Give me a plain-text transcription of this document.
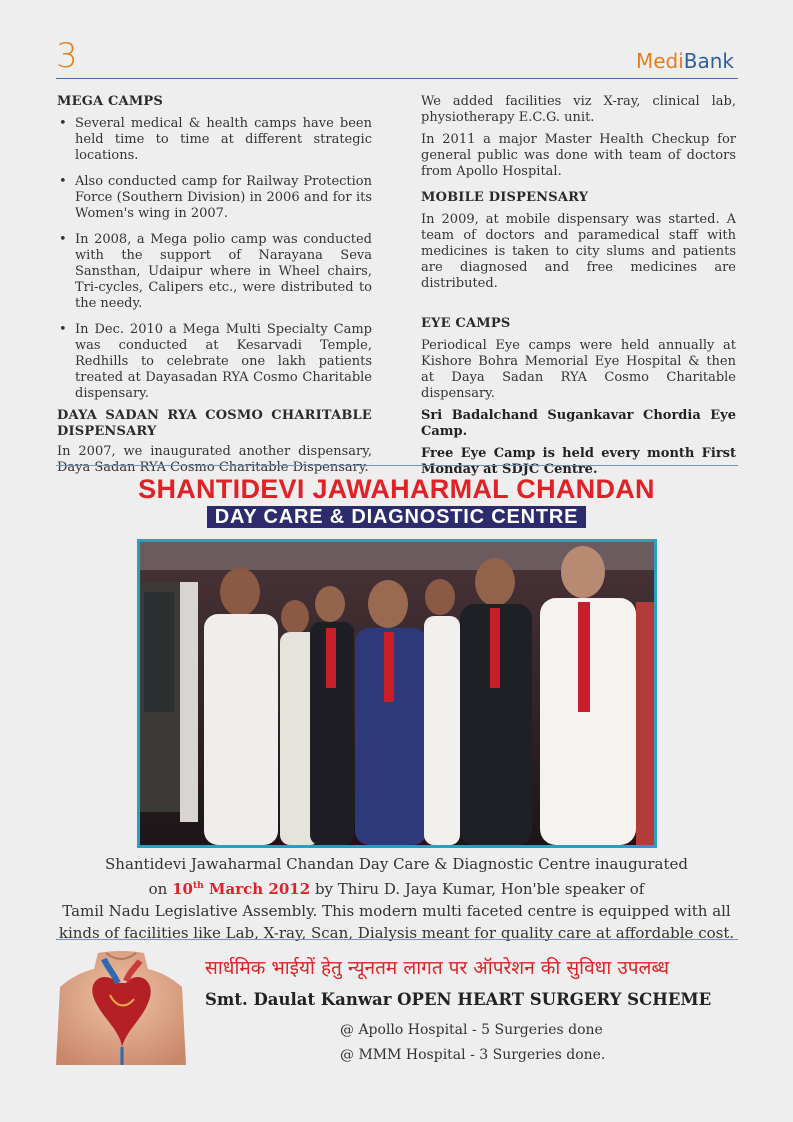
3	MediBank
MEGA CAMPS
• Several medical & health camps have been held time to time at different strategic locations.
• Also conducted camp for Railway Protection Force (Southern Division) in 2006 and for its Women's wing in 2007.
• In 2008, a Mega polio camp was conducted with the support of Narayana Seva Sansthan, Udaipur where in Wheel chairs, Tri-cycles, Calipers etc., were distributed to the needy.
• In Dec. 2010 a Mega Multi Specialty Camp was conducted at Kesarvadi Temple, Redhills to celebrate one lakh patients treated at Dayasadan RYA Cosmo Charitable dispensary.
DAYA SADAN RYA COSMO CHARITABLE DISPENSARY

In 2007, we inaugurated another dispensary, Daya Sadan RYA Cosmo Charitable Dispensary.

We added facilities viz X-ray, clinical lab, physiotherapy E.C.G. unit.

In 2011 a major Master Health Checkup for general public was done with team of doctors from Apollo Hospital.

MOBILE DISPENSARY

In 2009, at mobile dispensary was started. A team of doctors and paramedical staff with medicines is taken to city slums and patients are diagnosed and free medicines are distributed.

EYE CAMPS

Periodical Eye camps were held annually at Kishore Bohra Memorial Eye Hospital & then at Daya Sadan RYA Cosmo Charitable dispensary.

Sri Badalchand Sugankavar Chordia Eye Camp.

Free Eye Camp is held every month First Monday at SDJC Centre.

SHANTIDEVI JAWAHARMAL CHANDAN
DAY CARE & DIAGNOSTIC CENTRE
Shantidevi Jawaharmal Chandan Day Care & Diagnostic Centre inaugurated
on 10th March 2012 by Thiru D. Jaya Kumar, Hon'ble speaker of
Tamil Nadu Legislative Assembly. This modern multi faceted centre is equipped with all kinds of facilities like Lab, X-ray, Scan, Dialysis meant for quality care at affordable cost.
सार्धमिक भाईयों हेतु न्यूनतम लागत पर ऑपरेशन की सुविधा उपलब्ध
Smt. Daulat Kanwar OPEN HEART SURGERY SCHEME
@ Apollo Hospital - 5 Surgeries done
@ MMM Hospital - 3 Surgeries done.
